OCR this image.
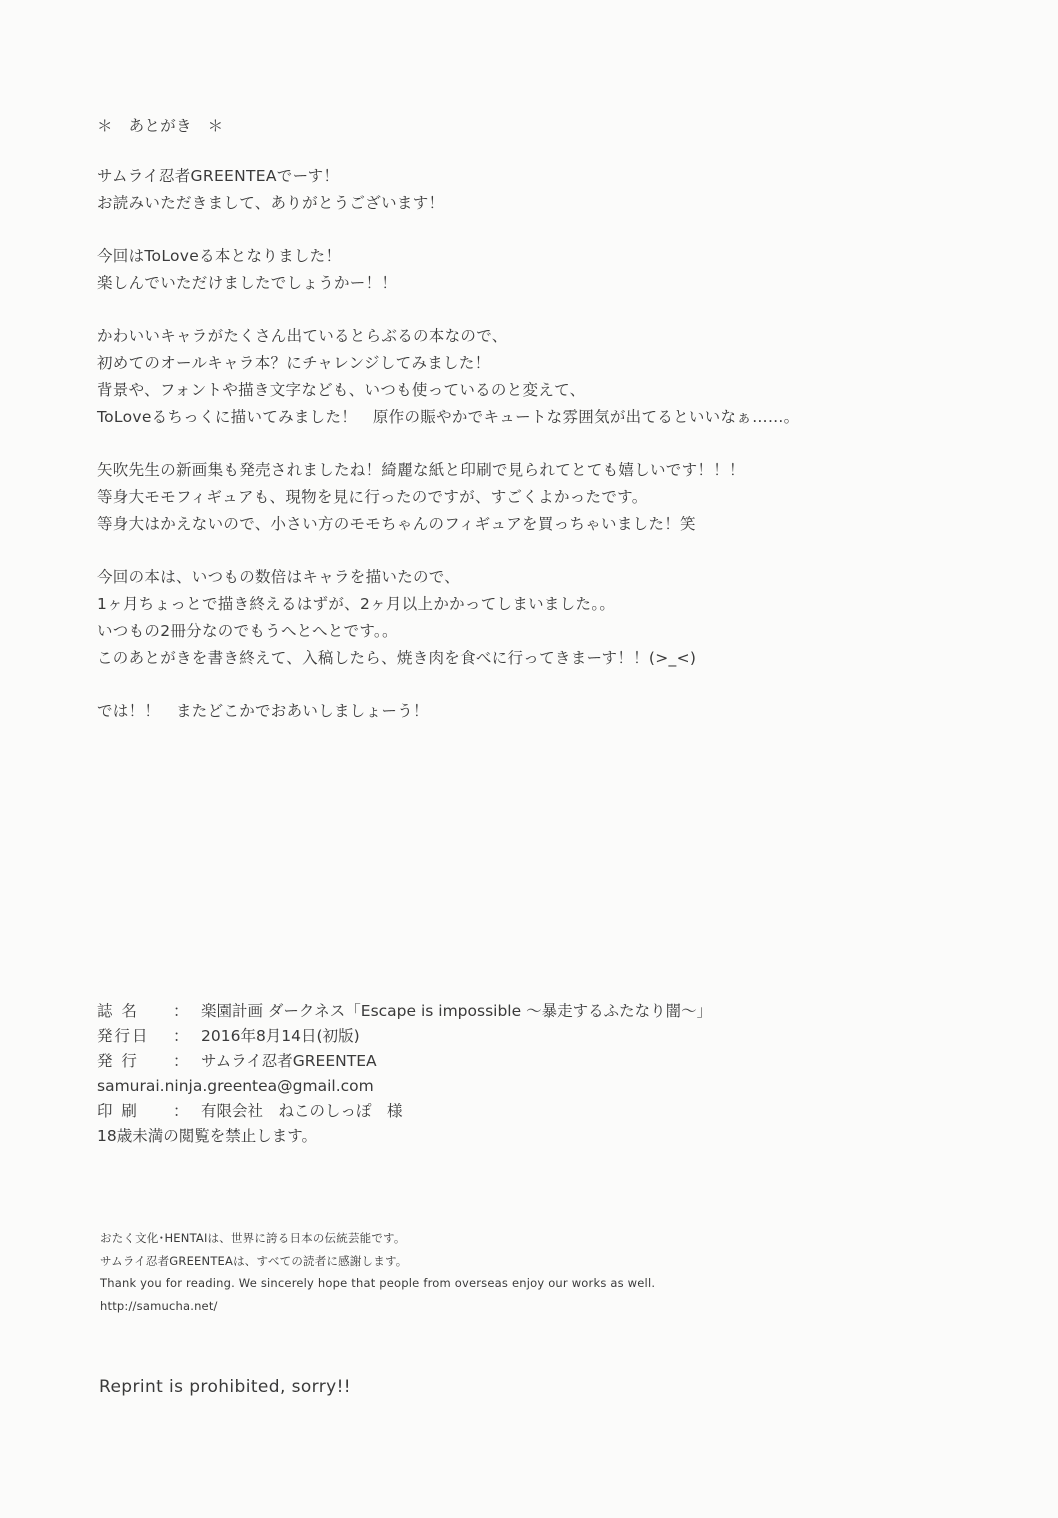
＊　あとがき　＊
サムライ忍者GREENTEAでーす！
お読みいただきまして、ありがとうございます！
今回はToLoveる本となりました！
楽しんでいただけましたでしょうかー！！
かわいいキャラがたくさん出ているとらぶるの本なので、
初めてのオールキャラ本？にチャレンジしてみました！
背景や、フォントや描き文字なども、いつも使っているのと変えて、
ToLoveるちっくに描いてみました！　原作の賑やかでキュートな雰囲気が出てるといいなぁ……。
矢吹先生の新画集も発売されましたね！綺麗な紙と印刷で見られてとても嬉しいです！！！
等身大モモフィギュアも、現物を見に行ったのですが、すごくよかったです。
等身大はかえないので、小さい方のモモちゃんのフィギュアを買っちゃいました！笑
今回の本は、いつもの数倍はキャラを描いたので、
1ヶ月ちょっとで描き終えるはずが、2ヶ月以上かかってしまいました。。
いつもの2冊分なのでもうへとへとです。。
このあとがきを書き終えて、入稿したら、焼き肉を食べに行ってきまーす！！(>_<)
では！！　またどこかでおあいしましょーう！
誌 名	： 楽園計画 ダークネス「Escape is impossible ～暴走するふたなり闇～」
発行日	： 2016年8月14日(初版)
発 行	： サムライ忍者GREENTEA
samurai.ninja.greentea@gmail.com
印 刷	： 有限会社　ねこのしっぽ　様
18歳未満の閲覧を禁止します。
おたく文化･HENTAIは、世界に誇る日本の伝統芸能です。
サムライ忍者GREENTEAは、すべての読者に感謝します。
Thank you for reading. We sincerely hope that people from overseas enjoy our works as well.
http://samucha.net/
Reprint is prohibited, sorry!!
